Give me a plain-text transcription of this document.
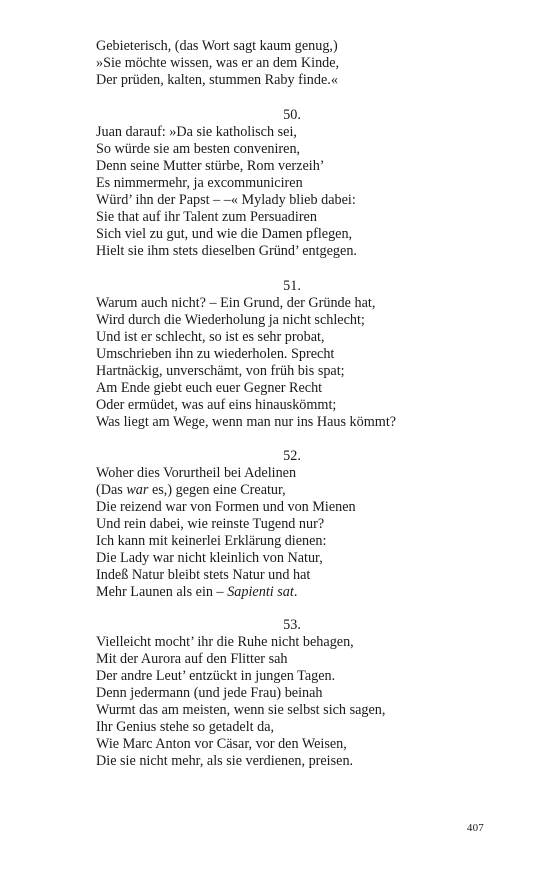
Gebieterisch, (das Wort sagt kaum genug,)
»Sie möchte wissen, was er an dem Kinde,
Der prüden, kalten, stummen Raby finde.«
50.
Juan darauf: »Da sie katholisch sei,
So würde sie am besten conveniren,
Denn seine Mutter stürbe, Rom verzeih’
Es nimmermehr, ja excommuniciren
Würd’ ihn der Papst – –« Mylady blieb dabei:
Sie that auf ihr Talent zum Persuadiren
Sich viel zu gut, und wie die Damen pflegen,
Hielt sie ihm stets dieselben Gründ’ entgegen.
51.
Warum auch nicht? – Ein Grund, der Gründe hat,
Wird durch die Wiederholung ja nicht schlecht;
Und ist er schlecht, so ist es sehr probat,
Umschrieben ihn zu wiederholen. Sprecht
Hartnäckig, unverschämt, von früh bis spat;
Am Ende giebt euch euer Gegner Recht
Oder ermüdet, was auf eins hinauskömmt;
Was liegt am Wege, wenn man nur ins Haus kömmt?
52.
Woher dies Vorurtheil bei Adelinen
(Das war es,) gegen eine Creatur,
Die reizend war von Formen und von Mienen
Und rein dabei, wie reinste Tugend nur?
Ich kann mit keinerlei Erklärung dienen:
Die Lady war nicht kleinlich von Natur,
Indeß Natur bleibt stets Natur und hat
Mehr Launen als ein – Sapienti sat.
53.
Vielleicht mocht’ ihr die Ruhe nicht behagen,
Mit der Aurora auf den Flitter sah
Der andre Leut’ entzückt in jungen Tagen.
Denn jedermann (und jede Frau) beinah
Wurmt das am meisten, wenn sie selbst sich sagen,
Ihr Genius stehe so getadelt da,
Wie Marc Anton vor Cäsar, vor den Weisen,
Die sie nicht mehr, als sie verdienen, preisen.
407
